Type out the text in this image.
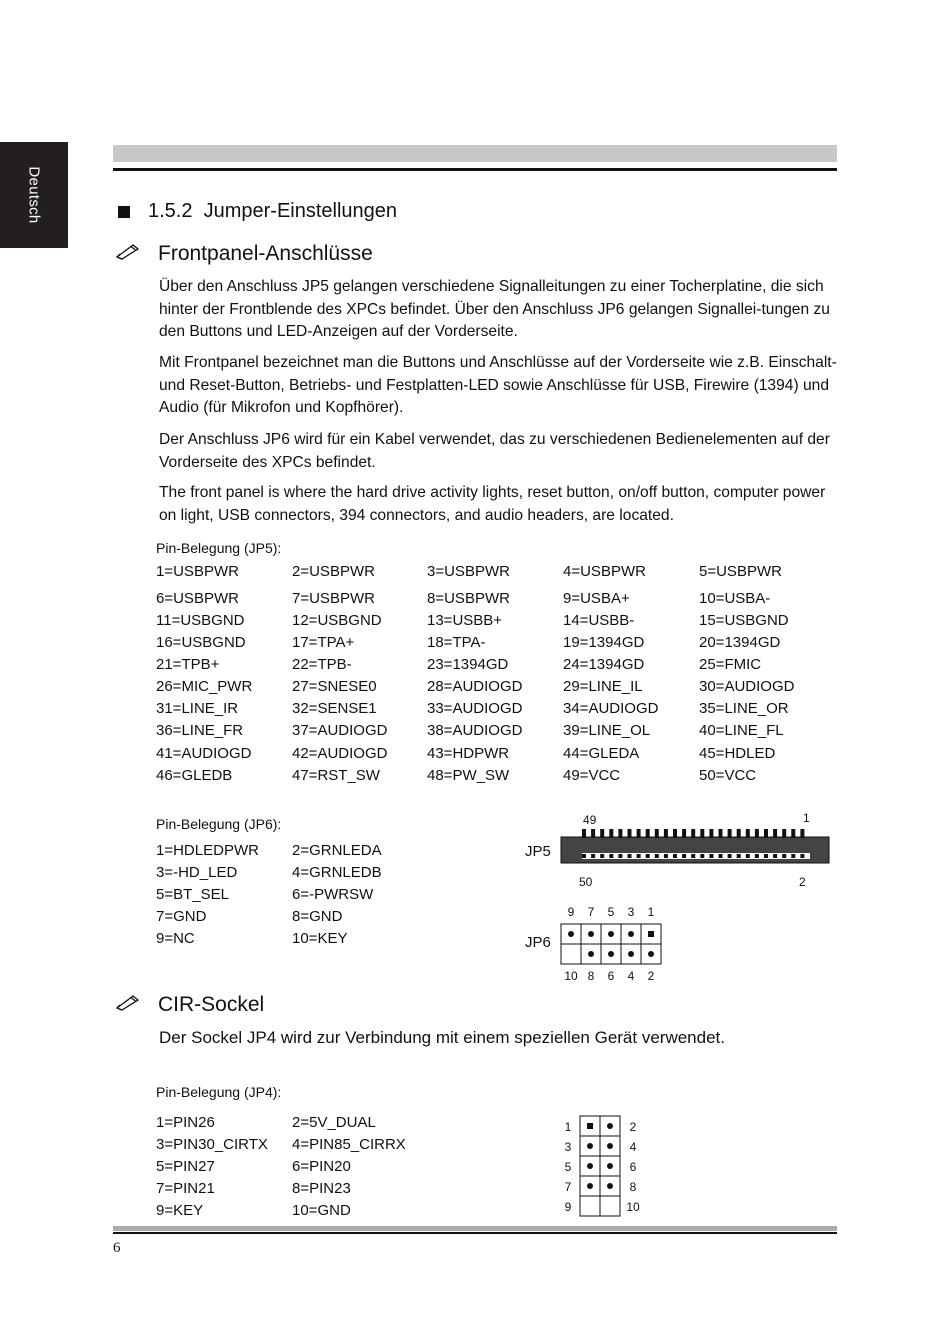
Deutsch	1.5.2  Jumper-Einstellungen
Frontpanel-Anschlüsse
Über den Anschluss JP5 gelangen verschiedene Signalleitungen zu einer Tocherplatine, die sich hinter der Frontblende des XPCs befindet. Über den Anschluss JP6 gelangen Signallei-tungen zu den Buttons und LED-Anzeigen auf der Vorderseite.
Mit Frontpanel bezeichnet man die Buttons und Anschlüsse auf der Vorderseite wie z.B. Einschalt- und Reset-Button, Betriebs- und Festplatten-LED sowie Anschlüsse für USB, Firewire (1394) und Audio (für Mikrofon und Kopfhörer).
Der Anschluss JP6 wird für ein Kabel verwendet, das zu verschiedenen Bedienelementen auf der Vorderseite des XPCs befindet.
The front panel is where the hard drive activity lights, reset button, on/off button, computer power on light, USB connectors, 394 connectors, and audio headers, are located.
Pin-Belegung (JP5):
1=USBPWR	2=USBPWR	3=USBPWR	4=USBPWR	5=USBPWR
6=USBPWR	7=USBPWR	8=USBPWR	9=USBA+	10=USBA-
11=USBGND	12=USBGND	13=USBB+	14=USBB-	15=USBGND
16=USBGND	17=TPA+	18=TPA-	19=1394GD	20=1394GD
21=TPB+	22=TPB-	23=1394GD	24=1394GD	25=FMIC
26=MIC_PWR	27=SNESE0	28=AUDIOGD	29=LINE_IL	30=AUDIOGD
31=LINE_IR	32=SENSE1	33=AUDIOGD	34=AUDIOGD	35=LINE_OR
36=LINE_FR	37=AUDIOGD	38=AUDIOGD	39=LINE_OL	40=LINE_FL
41=AUDIOGD	42=AUDIOGD	43=HDPWR	44=GLEDA	45=HDLED
46=GLEDB	47=RST_SW	48=PW_SW	49=VCC	50=VCC
Pin-Belegung (JP6):
1=HDLEDPWR 2=GRNLEDA
3=-HD_LED	4=GRNLEDB
5=BT_SEL	6=-PWRSW
7=GND	8=GND
9=NC	10=KEY
JP5
49	1
50	2
JP6
9
10
7
8
5
6
3
4
1
2
CIR-Sockel
Der Sockel JP4 wird zur Verbindung mit einem speziellen Gerät verwendet.
Pin-Belegung (JP4):
1=PIN26	2=5V_DUAL
3=PIN30_CIRTX 4=PIN85_CIRRX
5=PIN27	6=PIN20
7=PIN21	8=PIN23
9=KEY	10=GND
1	2
3	4
5	6
7	8
9	10
6
